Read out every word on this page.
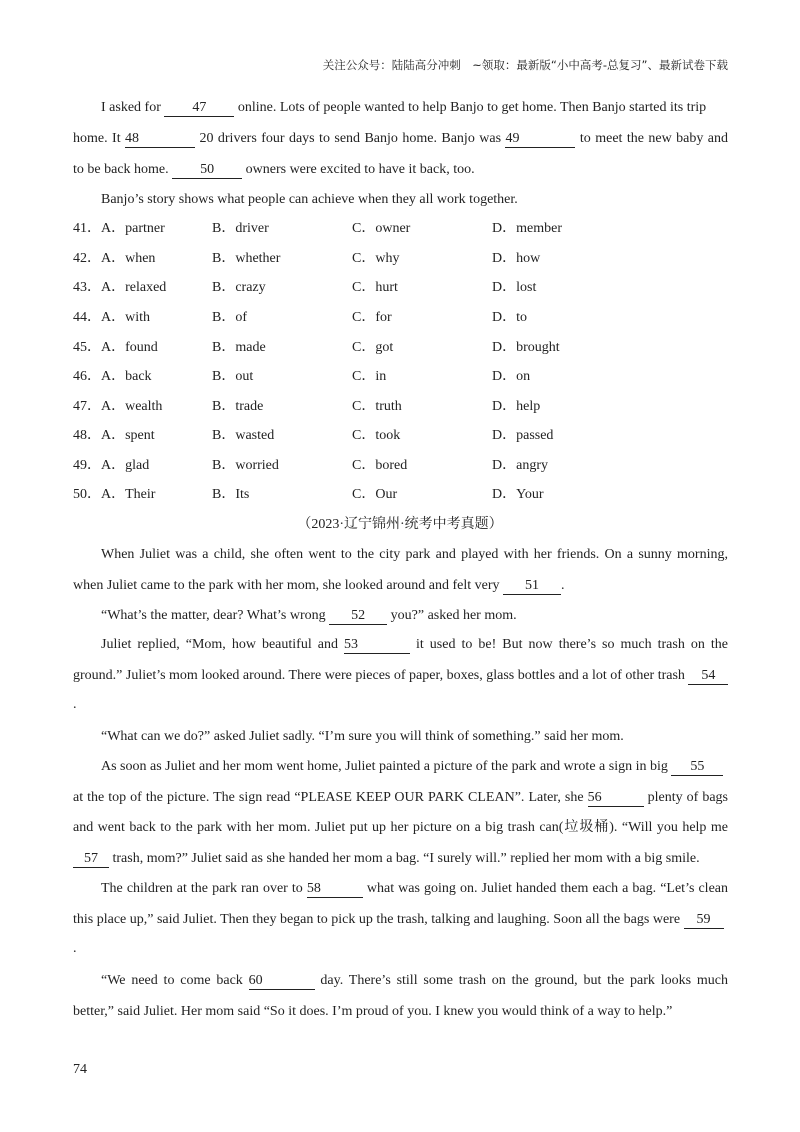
关注公众号：陆陆高分冲刺　~领取：最新版“小中高考-总复习”、最新试卷下载
I asked for 47 online. Lots of people wanted to help Banjo to get home. Then Banjo started its trip
home. It 48	20 drivers four days to send Banjo home. Banjo was 49	to meet the new baby and
to be back home. 50 owners were excited to have it back, too.
Banjo’s story shows what people can achieve when they all work together.
41．A．partner	B．driver	C．owner	D．member
42．A．when	B．whether	C．why	D．how
43．A．relaxed	B．crazy	C．hurt	D．lost
44．A．with	B．of	C．for	D．to
45．A．found	B．made	C．got	D．brought
46．A．back	B．out	C．in	D．on
47．A．wealth	B．trade	C．truth	D．help
48．A．spent	B．wasted	C．took	D．passed
49．A．glad	B．worried	C．bored	D．angry
50．A．Their	B．Its	C．Our	D．Your
（2023·辽宁锦州·统考中考真题）
When Juliet was a child, she often went to the city park and played with her friends. On a sunny morning,
when Juliet came to the park with her mom, she looked around and felt very 51 .
“What’s the matter, dear? What’s wrong 52 you?” asked her mom.
Juliet replied, “Mom, how beautiful and 53	it used to be! But now there’s so much trash on the
ground.” Juliet’s mom looked around. There were pieces of paper, boxes, glass bottles and a lot of other trash 54
.
“What can we do?” asked Juliet sadly. “I’m sure you will think of something.” said her mom.
As soon as Juliet and her mom went home, Juliet painted a picture of the park and wrote a sign in big 55
at the top of the picture. The sign read “PLEASE KEEP OUR PARK CLEAN”. Later, she 56	plenty of bags
and went back to the park with her mom. Juliet put up her picture on a big trash can(垃圾桶). “Will you help me
57 trash, mom?” Juliet said as she handed her mom a bag. “I surely will.” replied her mom with a big smile.
The children at the park ran over to 58	what was going on. Juliet handed them each a bag. “Let’s clean
this place up,” said Juliet. Then they began to pick up the trash, talking and laughing. Soon all the bags were 59
.
“We need to come back 60	day. There’s still some trash on the ground, but the park looks much
better,” said Juliet. Her mom said “So it does. I’m proud of you. I knew you would think of a way to help.”
74
